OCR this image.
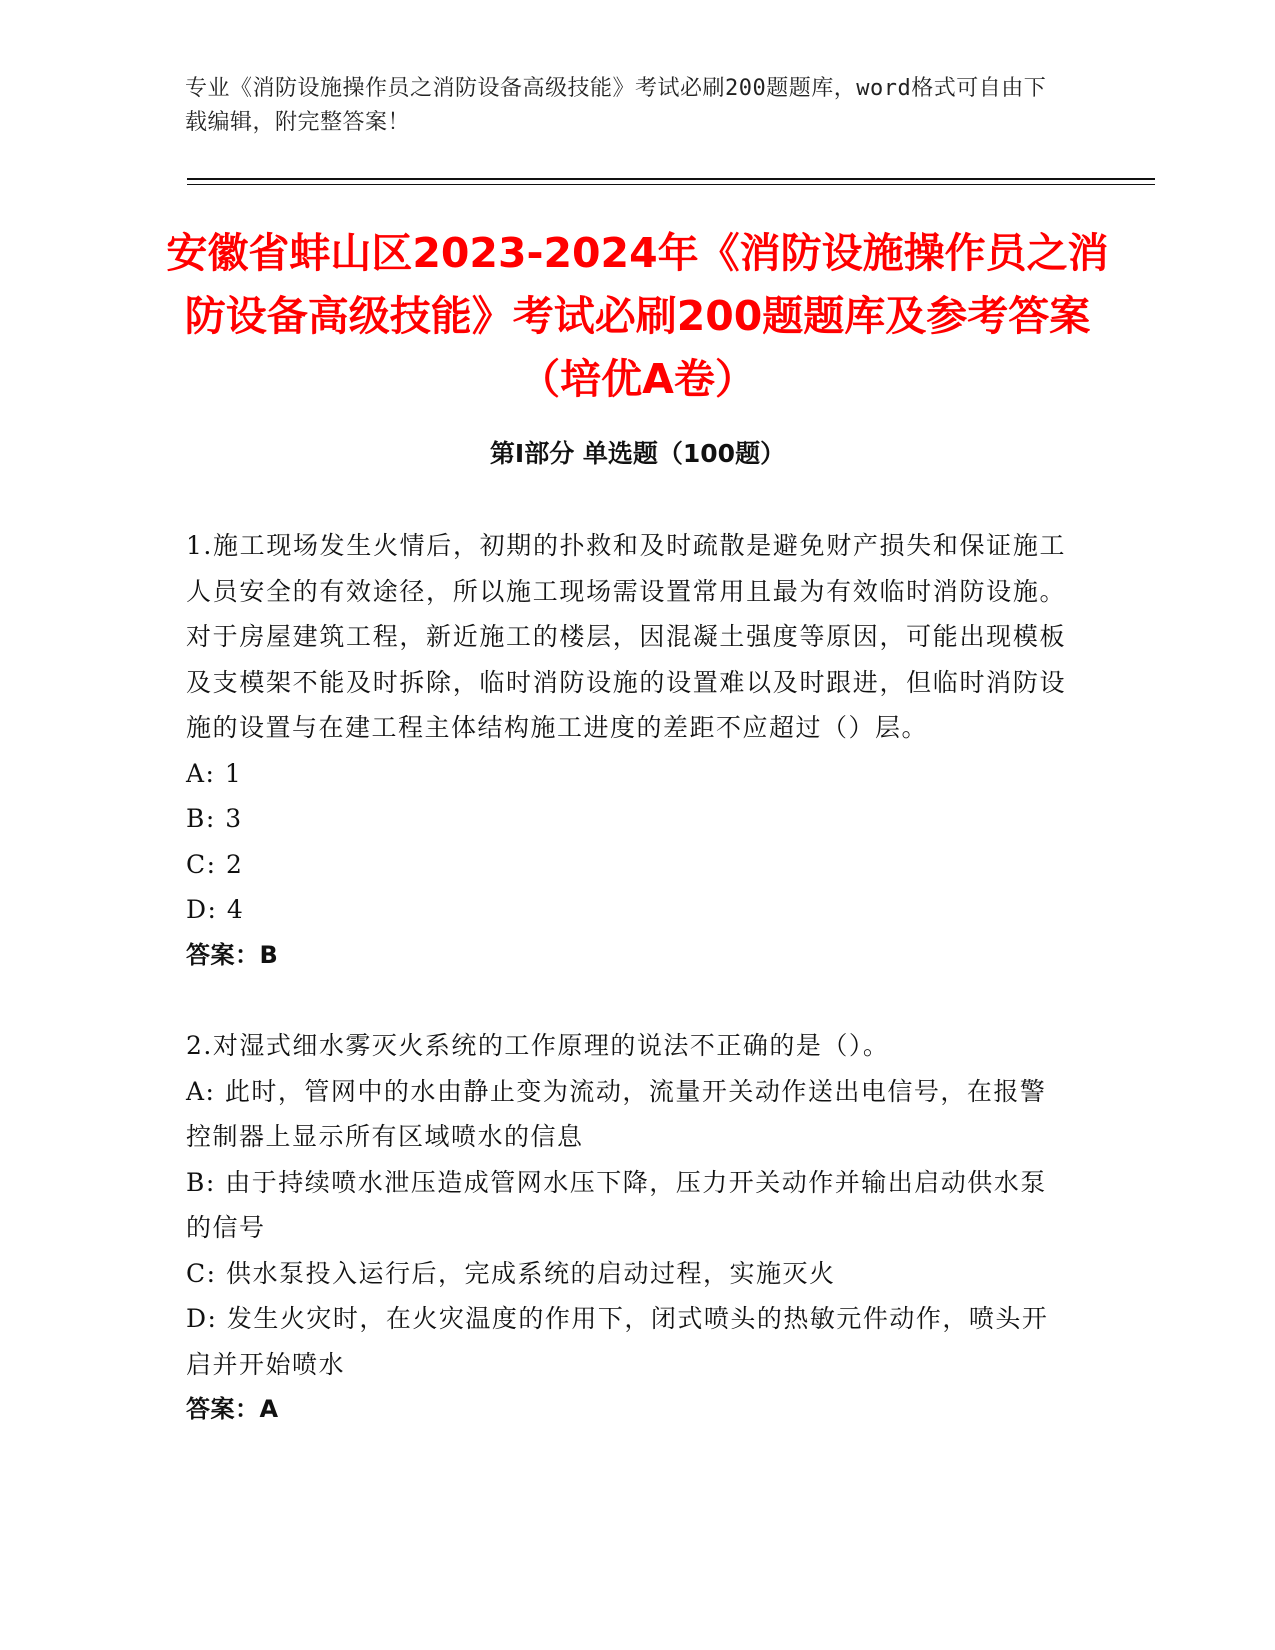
专业《消防设施操作员之消防设备高级技能》考试必刷200题题库，word格式可自由下载编辑，附完整答案！
安徽省蚌山区2023-2024年《消防设施操作员之消防设备高级技能》考试必刷200题题库及参考答案（培优A卷）
第I部分 单选题（100题）

1.施工现场发生火情后，初期的扑救和及时疏散是避免财产损失和保证施工人员安全的有效途径，所以施工现场需设置常用且最为有效临时消防设施。对于房屋建筑工程，新近施工的楼层，因混凝土强度等原因，可能出现模板及支模架不能及时拆除，临时消防设施的设置难以及时跟进，但临时消防设施的设置与在建工程主体结构施工进度的差距不应超过（）层。

A: 1

B: 3

C: 2

D: 4

答案：B

2.对湿式细水雾灭火系统的工作原理的说法不正确的是（）。

A: 此时，管网中的水由静止变为流动，流量开关动作送出电信号，在报警控制器上显示所有区域喷水的信息

B: 由于持续喷水泄压造成管网水压下降，压力开关动作并输出启动供水泵的信号

C: 供水泵投入运行后，完成系统的启动过程，实施灭火

D: 发生火灾时，在火灾温度的作用下，闭式喷头的热敏元件动作，喷头开启并开始喷水

答案：A
